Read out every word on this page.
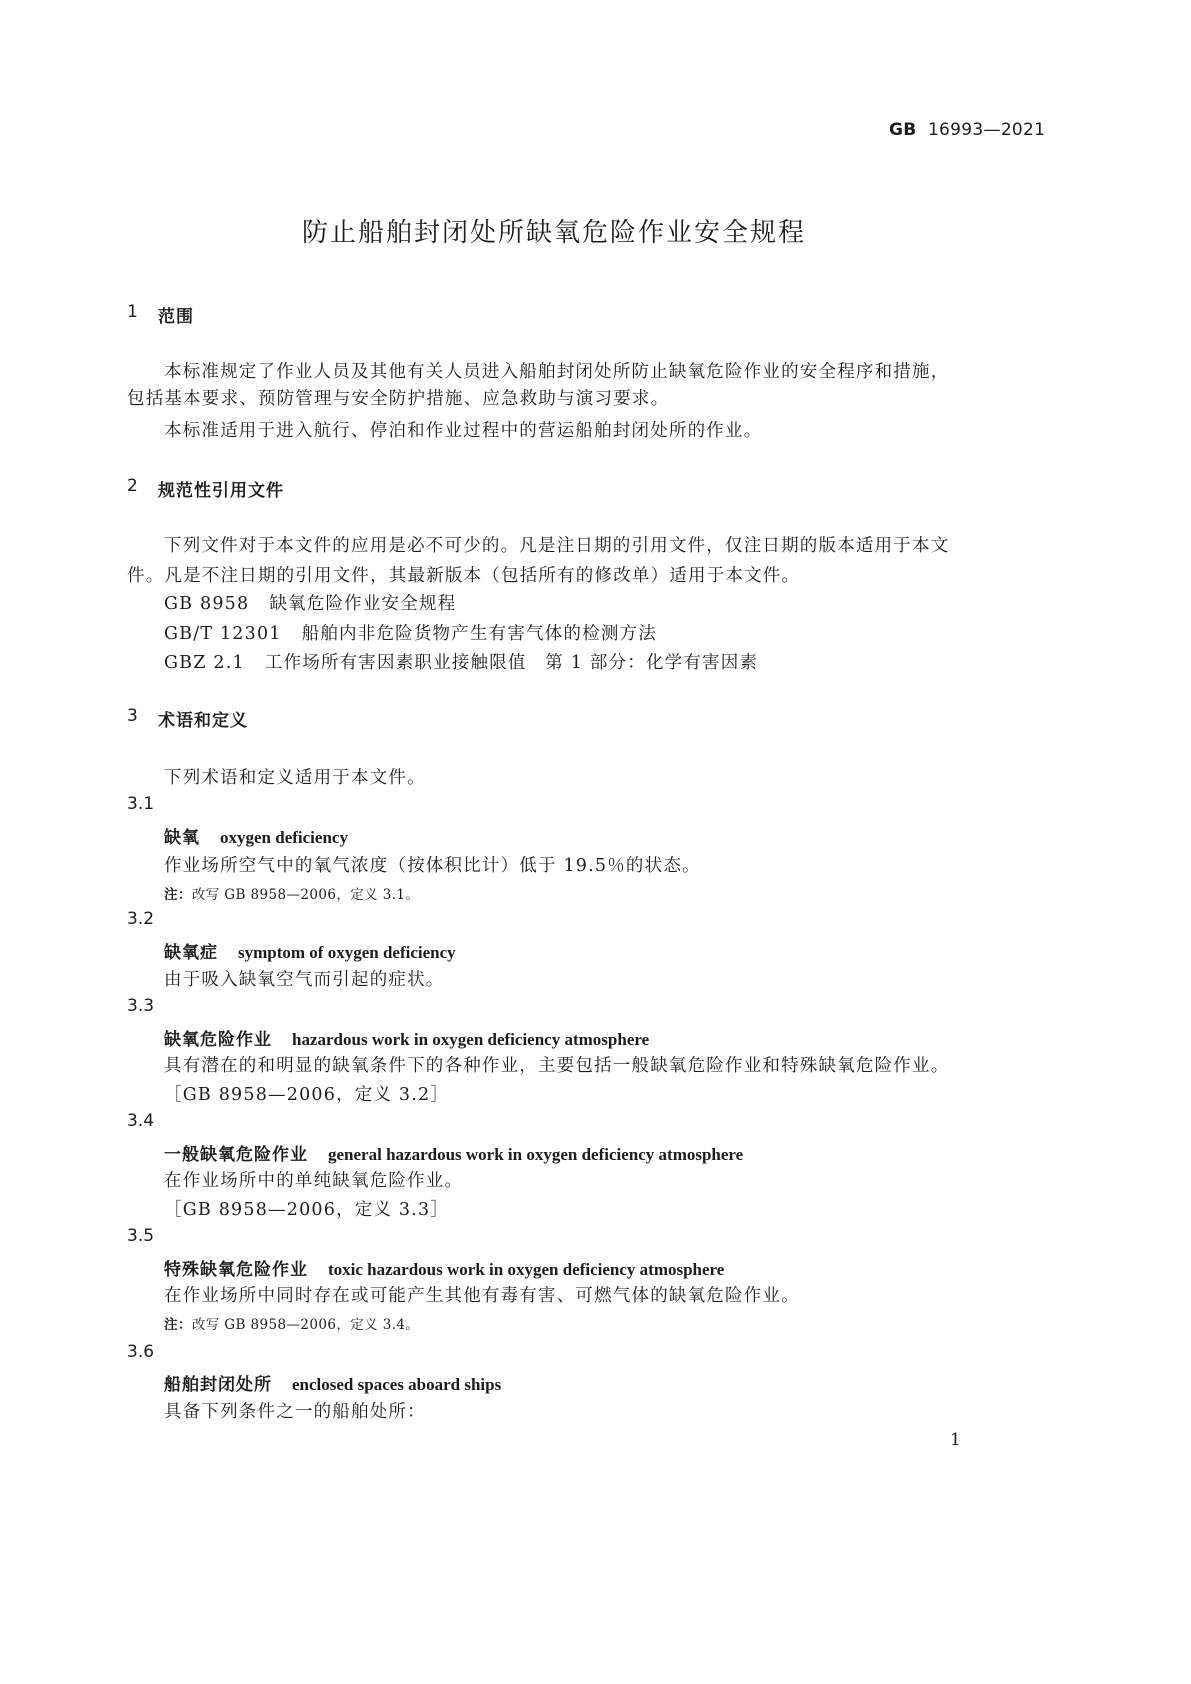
GB 16993—2021
防止船舶封闭处所缺氧危险作业安全规程
1 范围
本标准规定了作业人员及其他有关人员进入船舶封闭处所防止缺氧危险作业的安全程序和措施，
包括基本要求、预防管理与安全防护措施、应急救助与演习要求。
本标准适用于进入航行、停泊和作业过程中的营运船舶封闭处所的作业。
2 规范性引用文件
下列文件对于本文件的应用是必不可少的。凡是注日期的引用文件，仅注日期的版本适用于本文
件。凡是不注日期的引用文件，其最新版本（包括所有的修改单）适用于本文件。
GB 8958 缺氧危险作业安全规程
GB/T 12301 船舶内非危险货物产生有害气体的检测方法
GBZ 2.1 工作场所有害因素职业接触限值　第 1 部分：化学有害因素
3 术语和定义
下列术语和定义适用于本文件。
3.1
缺氧 oxygen deficiency
作业场所空气中的氧气浓度（按体积比计）低于 19.5％的状态。
注：改写 GB 8958—2006，定义 3.1。
3.2
缺氧症 symptom of oxygen deficiency
由于吸入缺氧空气而引起的症状。
3.3
缺氧危险作业 hazardous work in oxygen deficiency atmosphere
具有潜在的和明显的缺氧条件下的各种作业，主要包括一般缺氧危险作业和特殊缺氧危险作业。
［GB 8958—2006，定义 3.2］
3.4
一般缺氧危险作业 general hazardous work in oxygen deficiency atmosphere
在作业场所中的单纯缺氧危险作业。
［GB 8958—2006，定义 3.3］
3.5
特殊缺氧危险作业 toxic hazardous work in oxygen deficiency atmosphere
在作业场所中同时存在或可能产生其他有毒有害、可燃气体的缺氧危险作业。
注：改写 GB 8958—2006，定义 3.4。
3.6
船舶封闭处所 enclosed spaces aboard ships
具备下列条件之一的船舶处所：
1
